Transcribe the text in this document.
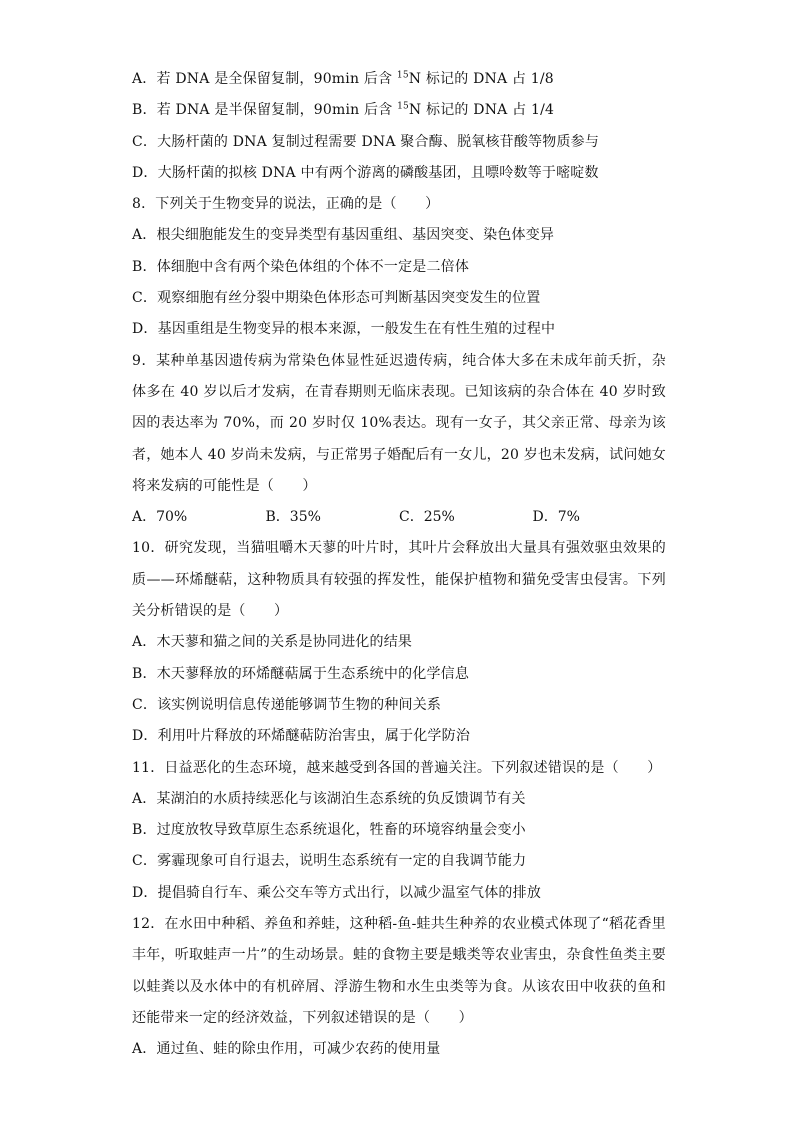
A．若 DNA 是全保留复制，90min 后含 $^{15}$N 标记的 DNA 占 1/8
B．若 DNA 是半保留复制，90min 后含 $^{15}$N 标记的 DNA 占 1/4
C．大肠杆菌的 DNA 复制过程需要 DNA 聚合酶、脱氧核苷酸等物质参与
D．大肠杆菌的拟核 DNA 中有两个游离的磷酸基团，且嘌呤数等于嘧啶数
8．下列关于生物变异的说法，正确的是（　　）
A．根尖细胞能发生的变异类型有基因重组、基因突变、染色体变异
B．体细胞中含有两个染色体组的个体不一定是二倍体
C．观察细胞有丝分裂中期染色体形态可判断基因突变发生的位置
D．基因重组是生物变异的根本来源，一般发生在有性生殖的过程中
9．某种单基因遗传病为常染色体显性延迟遗传病，纯合体大多在未成年前夭折，杂
体多在 40 岁以后才发病，在青春期则无临床表现。已知该病的杂合体在 40 岁时致
因的表达率为 70%，而 20 岁时仅 10%表达。现有一女子，其父亲正常、母亲为该
者，她本人 40 岁尚未发病，与正常男子婚配后有一女儿，20 岁也未发病，试问她女
将来发病的可能性是（　　）
A．70%	B．35%	C．25%	D．7%
10．研究发现，当猫咀嚼木天蓼的叶片时，其叶片会释放出大量具有强效驱虫效果的
质——环烯醚萜，这种物质具有较强的挥发性，能保护植物和猫免受害虫侵害。下列
关分析错误的是（　　）
A．木天蓼和猫之间的关系是协同进化的结果
B．木天蓼释放的环烯醚萜属于生态系统中的化学信息
C．该实例说明信息传递能够调节生物的种间关系
D．利用叶片释放的环烯醚萜防治害虫，属于化学防治
11．日益恶化的生态环境，越来越受到各国的普遍关注。下列叙述错误的是（　　）
A．某湖泊的水质持续恶化与该湖泊生态系统的负反馈调节有关
B．过度放牧导致草原生态系统退化，牲畜的环境容纳量会变小
C．雾霾现象可自行退去，说明生态系统有一定的自我调节能力
D．提倡骑自行车、乘公交车等方式出行，以减少温室气体的排放
12．在水田中种稻、养鱼和养蛙，这种稻-鱼-蛙共生种养的农业模式体现了“稻花香里
丰年，听取蛙声一片”的生动场景。蛙的食物主要是蛾类等农业害虫，杂食性鱼类主要
以蛙粪以及水体中的有机碎屑、浮游生物和水生虫类等为食。从该农田中收获的鱼和
还能带来一定的经济效益，下列叙述错误的是（　　）
A．通过鱼、蛙的除虫作用，可减少农药的使用量
